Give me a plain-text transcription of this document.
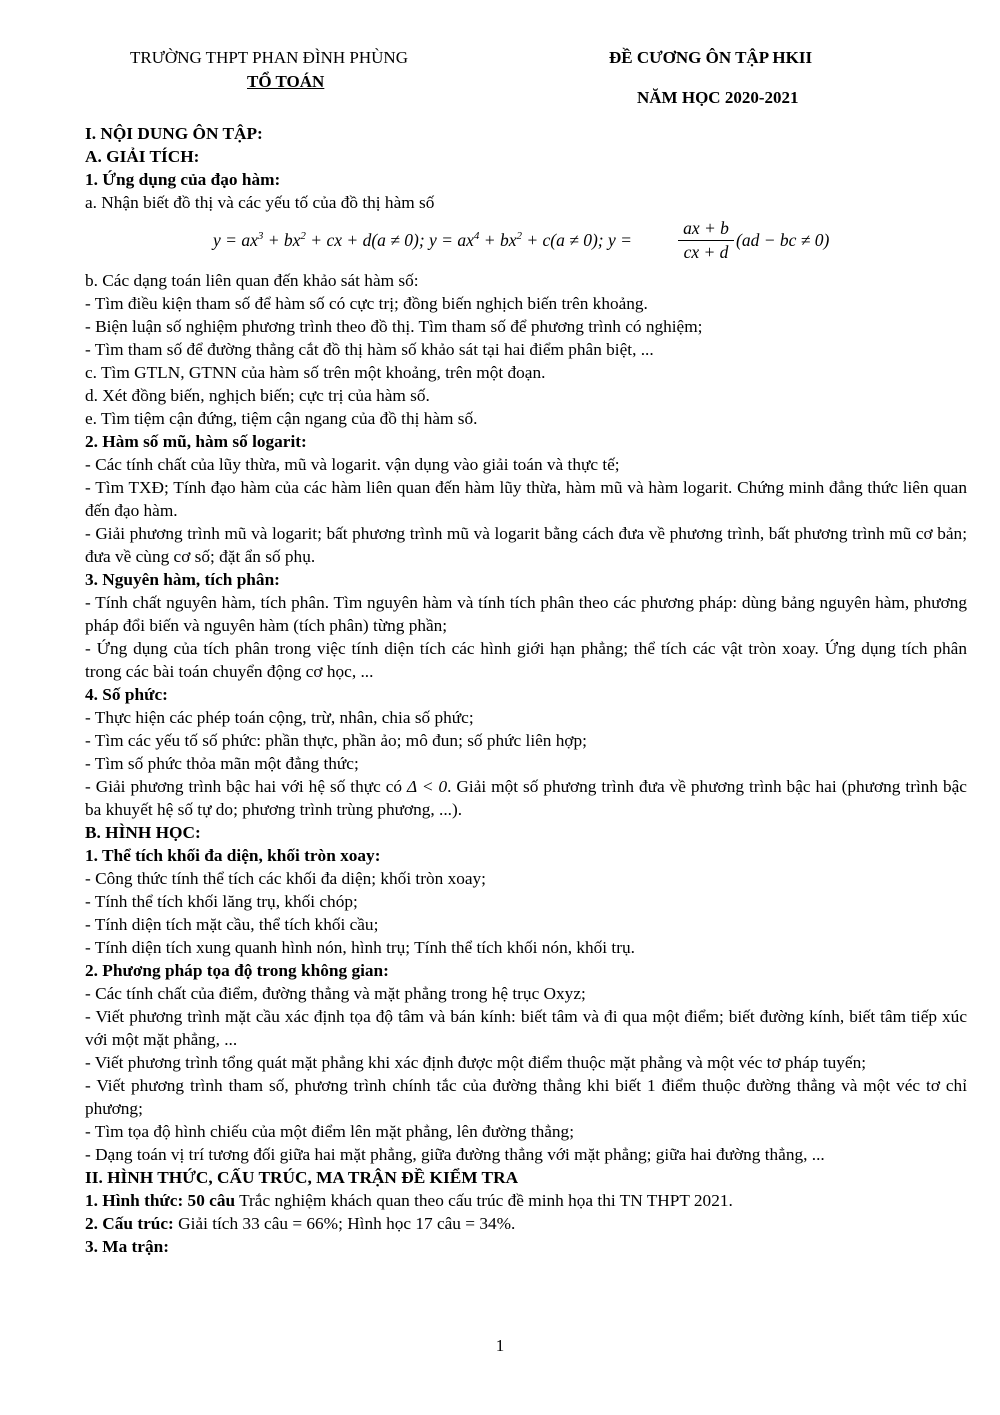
TRƯỜNG THPT PHAN ĐÌNH PHÙNG
TỔ TOÁN
ĐỀ CƯƠNG ÔN TẬP HKII
NĂM HỌC 2020-2021

I. NỘI DUNG ÔN TẬP:

A. GIẢI TÍCH:

1. Ứng dụng của đạo hàm:

a. Nhận biết đồ thị và các yếu tố của đồ thị hàm số

$y = ax^3 + bx^2$ + cx + d(a ≠ 0); $y = ax^4 + bx^2 + c(a \ne 0)$; y =	$\frac{ax + b}{cx + d} (ad$ − bc ≠ 0)

b. Các dạng toán liên quan đến khảo sát hàm số:

- Tìm điều kiện tham số để hàm số có cực trị; đồng biến nghịch biến trên khoảng.

- Biện luận số nghiệm phương trình theo đồ thị. Tìm tham số để phương trình có nghiệm;

- Tìm tham số để đường thẳng cắt đồ thị hàm số khảo sát tại hai điểm phân biệt, ...

c. Tìm GTLN, GTNN của hàm số trên một khoảng, trên một đoạn.

d. Xét đồng biến, nghịch biến; cực trị của hàm số.

e. Tìm tiệm cận đứng, tiệm cận ngang của đồ thị hàm số.

2. Hàm số mũ, hàm số logarit:

- Các tính chất của lũy thừa, mũ và logarit. vận dụng vào giải toán và thực tế;

- Tìm TXĐ; Tính đạo hàm của các hàm liên quan đến hàm lũy thừa, hàm mũ và hàm logarit. Chứng minh đẳng thức liên quan đến đạo hàm.

- Giải phương trình mũ và logarit; bất phương trình mũ và logarit bằng cách đưa về phương trình, bất phương trình mũ cơ bản; đưa về cùng cơ số; đặt ẩn số phụ.

3. Nguyên hàm, tích phân:

- Tính chất nguyên hàm, tích phân. Tìm nguyên hàm và tính tích phân theo các phương pháp: dùng bảng nguyên hàm, phương pháp đổi biến và nguyên hàm (tích phân) từng phần;

- Ứng dụng của tích phân trong việc tính diện tích các hình giới hạn phẳng; thể tích các vật tròn xoay. Ứng dụng tích phân trong các bài toán chuyển động cơ học, ...

4. Số phức:

- Thực hiện các phép toán cộng, trừ, nhân, chia số phức;

- Tìm các yếu tố số phức: phần thực, phần ảo; mô đun; số phức liên hợp;

- Tìm số phức thỏa mãn một đẳng thức;

- Giải phương trình bậc hai với hệ số thực có Δ < 0. Giải một số phương trình đưa về phương trình bậc hai (phương trình bậc ba khuyết hệ số tự do; phương trình trùng phương, ...).

B. HÌNH HỌC:

1. Thể tích khối đa diện, khối tròn xoay:

- Công thức tính thể tích các khối đa diện; khối tròn xoay;

- Tính thể tích khối lăng trụ, khối chóp;

- Tính diện tích mặt cầu, thể tích khối cầu;

- Tính diện tích xung quanh hình nón, hình trụ; Tính thể tích khối nón, khối trụ.

2. Phương pháp tọa độ trong không gian:

- Các tính chất của điểm, đường thẳng và mặt phẳng trong hệ trục Oxyz;

- Viết phương trình mặt cầu xác định tọa độ tâm và bán kính: biết tâm và đi qua một điểm; biết đường kính, biết tâm tiếp xúc với một mặt phẳng, ...

- Viết phương trình tổng quát mặt phẳng khi xác định được một điểm thuộc mặt phẳng và một véc tơ pháp tuyến;

- Viết phương trình tham số, phương trình chính tắc của đường thẳng khi biết 1 điểm thuộc đường thẳng và một véc tơ chỉ phương;

- Tìm tọa độ hình chiếu của một điểm lên mặt phẳng, lên đường thẳng;

- Dạng toán vị trí tương đối giữa hai mặt phẳng, giữa đường thẳng với mặt phẳng; giữa hai đường thẳng, ...

II. HÌNH THỨC, CẤU TRÚC, MA TRẬN ĐỀ KIỂM TRA

1. Hình thức: 50 câu Trắc nghiệm khách quan theo cấu trúc đề minh họa thi TN THPT 2021.

2. Cấu trúc: Giải tích 33 câu = 66%; Hình học 17 câu = 34%.

3. Ma trận:

1
